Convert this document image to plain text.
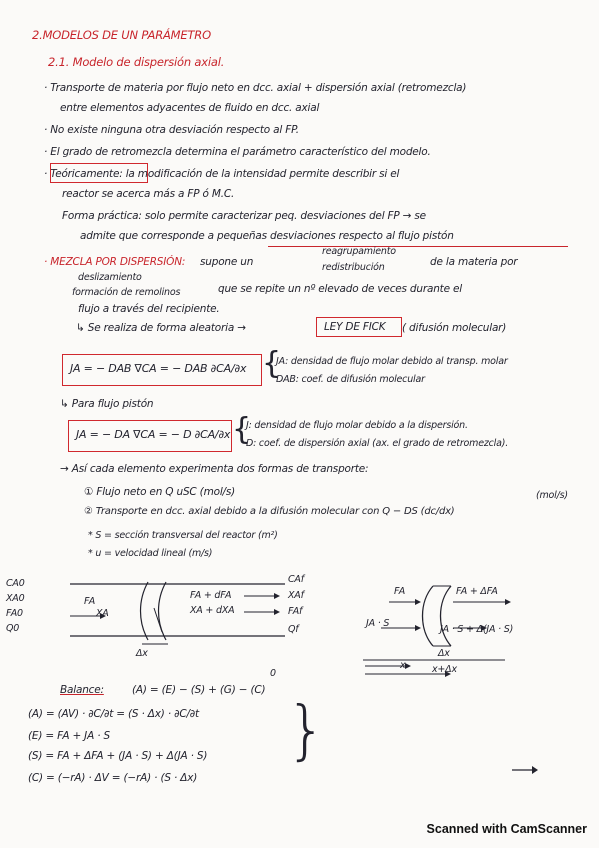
2.MODELOS DE UN PARÁMETRO
2.1. Modelo de dispersión axial.
· Transporte de materia por flujo neto en dcc. axial + dispersión axial (retromezcla)
entre elementos adyacentes de fluido en dcc. axial
· No existe ninguna otra desviación respecto al FP.
· El grado de retromezcla determina el parámetro característico del modelo.
· Teóricamente: la modificación de la intensidad permite describir si el
reactor se acerca más a FP ó M.C.
Forma práctica: solo permite caracterizar peq. desviaciones del FP → se
admite que corresponde a pequeñas desviaciones respecto al flujo pistón
· MEZCLA POR DISPERSIÓN: supone un
reagrupamiento
redistribución	de la materia por
deslizamiento
formación de remolinos	que se repite un nº elevado de veces durante el
flujo a través del recipiente.
↳ Se realiza de forma aleatoria →	LEY DE FICK ( difusión molecular)
JA = − DAB ∇CA = − DAB ∂CA/∂x {
JA: densidad de flujo molar debido al transp. molar
DAB: coef. de difusión molecular
↳ Para flujo pistón
JA = − DA ∇CA = − D ∂CA/∂x {
J: densidad de flujo molar debido a la dispersión.
D: coef. de dispersión axial (ax. el grado de retromezcla).
→ Así cada elemento experimenta dos formas de transporte:
(mol/s)
① Flujo neto en Q uSC (mol/s)
② Transporte en dcc. axial debido a la difusión molecular con Q − DS (dc/dx)
* S = sección transversal del reactor (m²)
* u = velocidad lineal (m/s)
CA0
XA0
FA0
Q0
FA
XA
FA + dFA
XA + dXA
Δx
CAf
XAf
FAf
Qf
FA	FA + ΔFA
JA · S
JA · S + Δ(JA · S)
Δx
x	x+Δx
Balance:	(A) = (E) − (S) + (G) − (C)
0
(A) = (AV) · ∂C/∂t = (S · Δx) · ∂C/∂t
(E) = FA + JA · S
(S) = FA + ΔFA + (JA · S) + Δ(JA · S)
(C) = (−rA) · ΔV = (−rA) · (S · Δx)
}
Scanned with CamScanner
